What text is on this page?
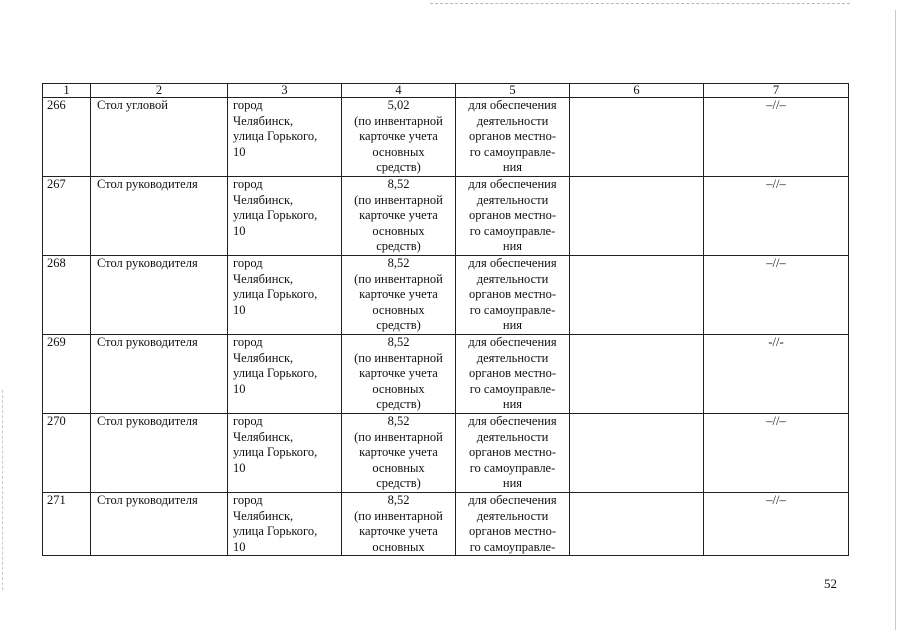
1	2	3	4	5	6	7
266	Стол угловой	город
Челябинск,
улица Горького,
10	5,02
(по инвентарной
карточке учета
основных
средств)	для обеспечения
деятельности
органов местно-
го самоуправле-
ния		–//–
267	Стол руководителя	город
Челябинск,
улица Горького,
10	8,52
(по инвентарной
карточке учета
основных
средств)	для обеспечения
деятельности
органов местно-
го самоуправле-
ния		–//–
268	Стол руководителя	город
Челябинск,
улица Горького,
10	8,52
(по инвентарной
карточке учета
основных
средств)	для обеспечения
деятельности
органов местно-
го самоуправле-
ния		–//–
269	Стол руководителя	город
Челябинск,
улица Горького,
10	8,52
(по инвентарной
карточке учета
основных
средств)	для обеспечения
деятельности
органов местно-
го самоуправле-
ния		-//-
270	Стол руководителя	город
Челябинск,
улица Горького,
10	8,52
(по инвентарной
карточке учета
основных
средств)	для обеспечения
деятельности
органов местно-
го самоуправле-
ния		–//–
271	Стол руководителя	город
Челябинск,
улица Горького,
10	8,52
(по инвентарной
карточке учета
основных	для обеспечения
деятельности
органов местно-
го самоуправле-		–//–
52
